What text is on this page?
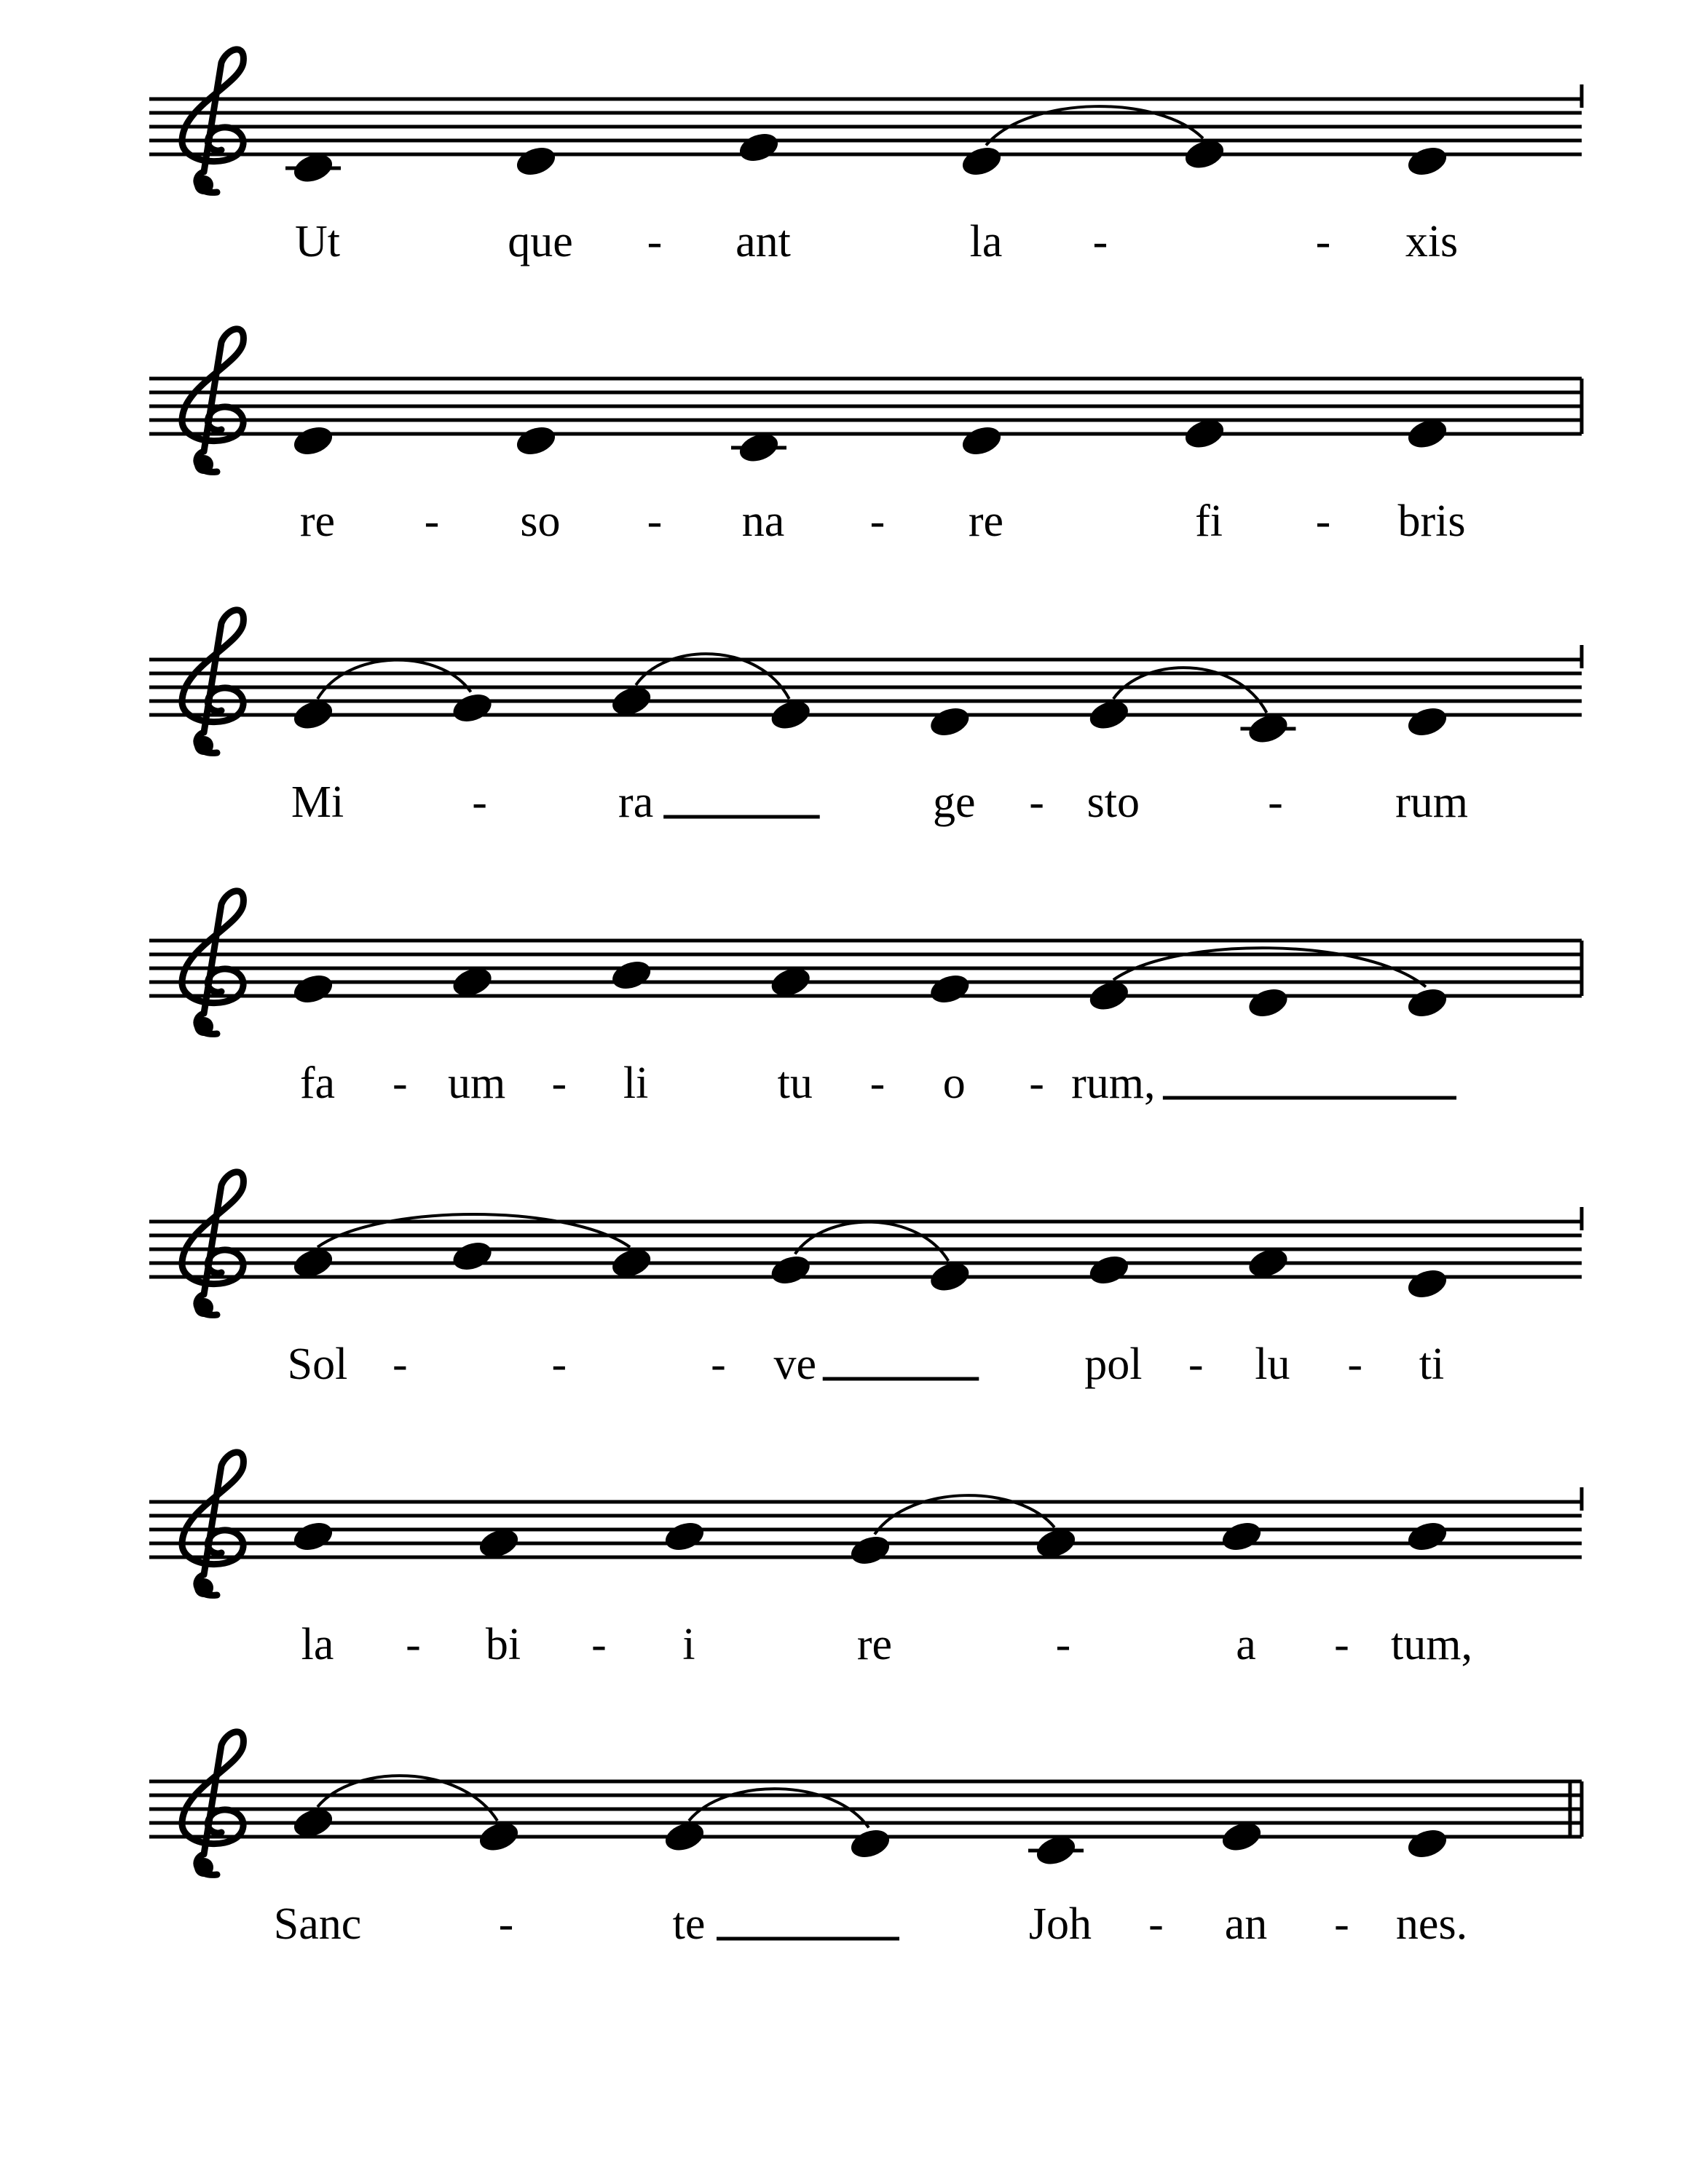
Ut	que - ant	la -	- xis
re - so - na - re	fi - bris
Mi	-	ra	ge - sto	- rum
fa - um - li	tu - o - rum,
Sol -	-	- ve	pol - lu - ti
la - bi - i	re	-	a - tum,
Sanc	-	te	Joh - an - nes.
